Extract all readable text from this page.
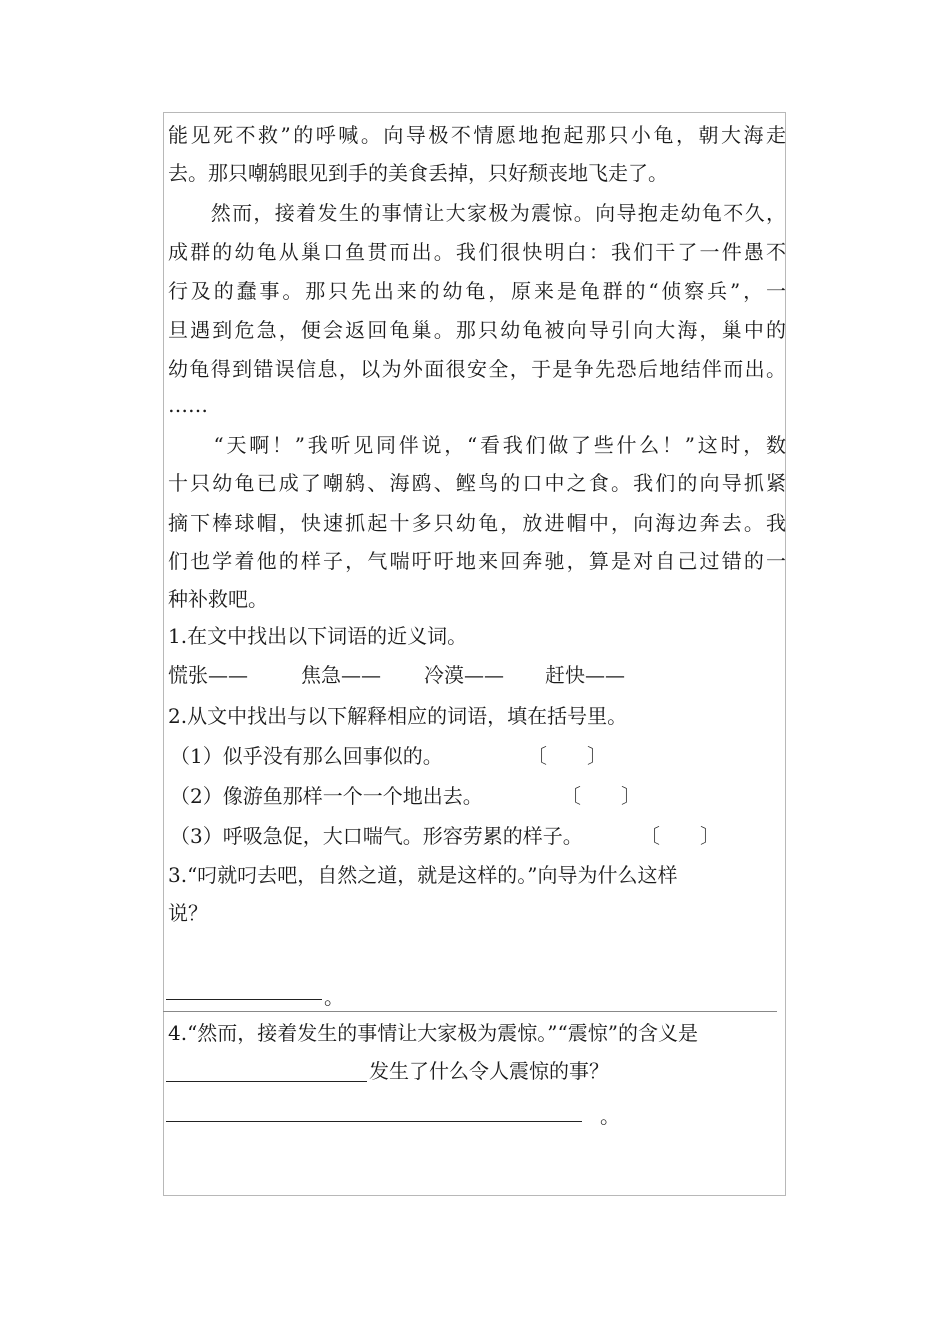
能见死不救”的呼喊。向导极不情愿地抱起那只小龟，朝大海走
去。那只嘲鸫眼见到手的美食丢掉，只好颓丧地飞走了。
　　然而，接着发生的事情让大家极为震惊。向导抱走幼龟不久，
成群的幼龟从巢口鱼贯而出。我们很快明白：我们干了一件愚不
行及的蠢事。那只先出来的幼龟，原来是龟群的“侦察兵”，一
旦遇到危急，便会返回龟巢。那只幼龟被向导引向大海，巢中的
幼龟得到错误信息，以为外面很安全，于是争先恐后地结伴而出。
……
　　“天啊！”我听见同伴说，“看我们做了些什么！”这时，数
十只幼龟已成了嘲鸫、海鸥、鲣鸟的口中之食。我们的向导抓紧
摘下棒球帽，快速抓起十多只幼龟，放进帽中，向海边奔去。我
们也学着他的样子，气喘吁吁地来回奔驰，算是对自己过错的一
种补救吧。
1.在文中找出以下词语的近义词。
慌张——	焦急—— 冷漠—— 赶快——
2.从文中找出与以下解释相应的词语，填在括号里。
（1）似乎没有那么回事似的。	〔　　〕
（2）像游鱼那样一个一个地出去。	〔　　〕
（3）呼吸急促，大口喘气。形容劳累的样子。	〔　　〕
3.“叼就叼去吧，自然之道，就是这样的。”向导为什么这样
说？
。
4.“然而，接着发生的事情让大家极为震惊。”“震惊”的含义是
发生了什么令人震惊的事？
。
